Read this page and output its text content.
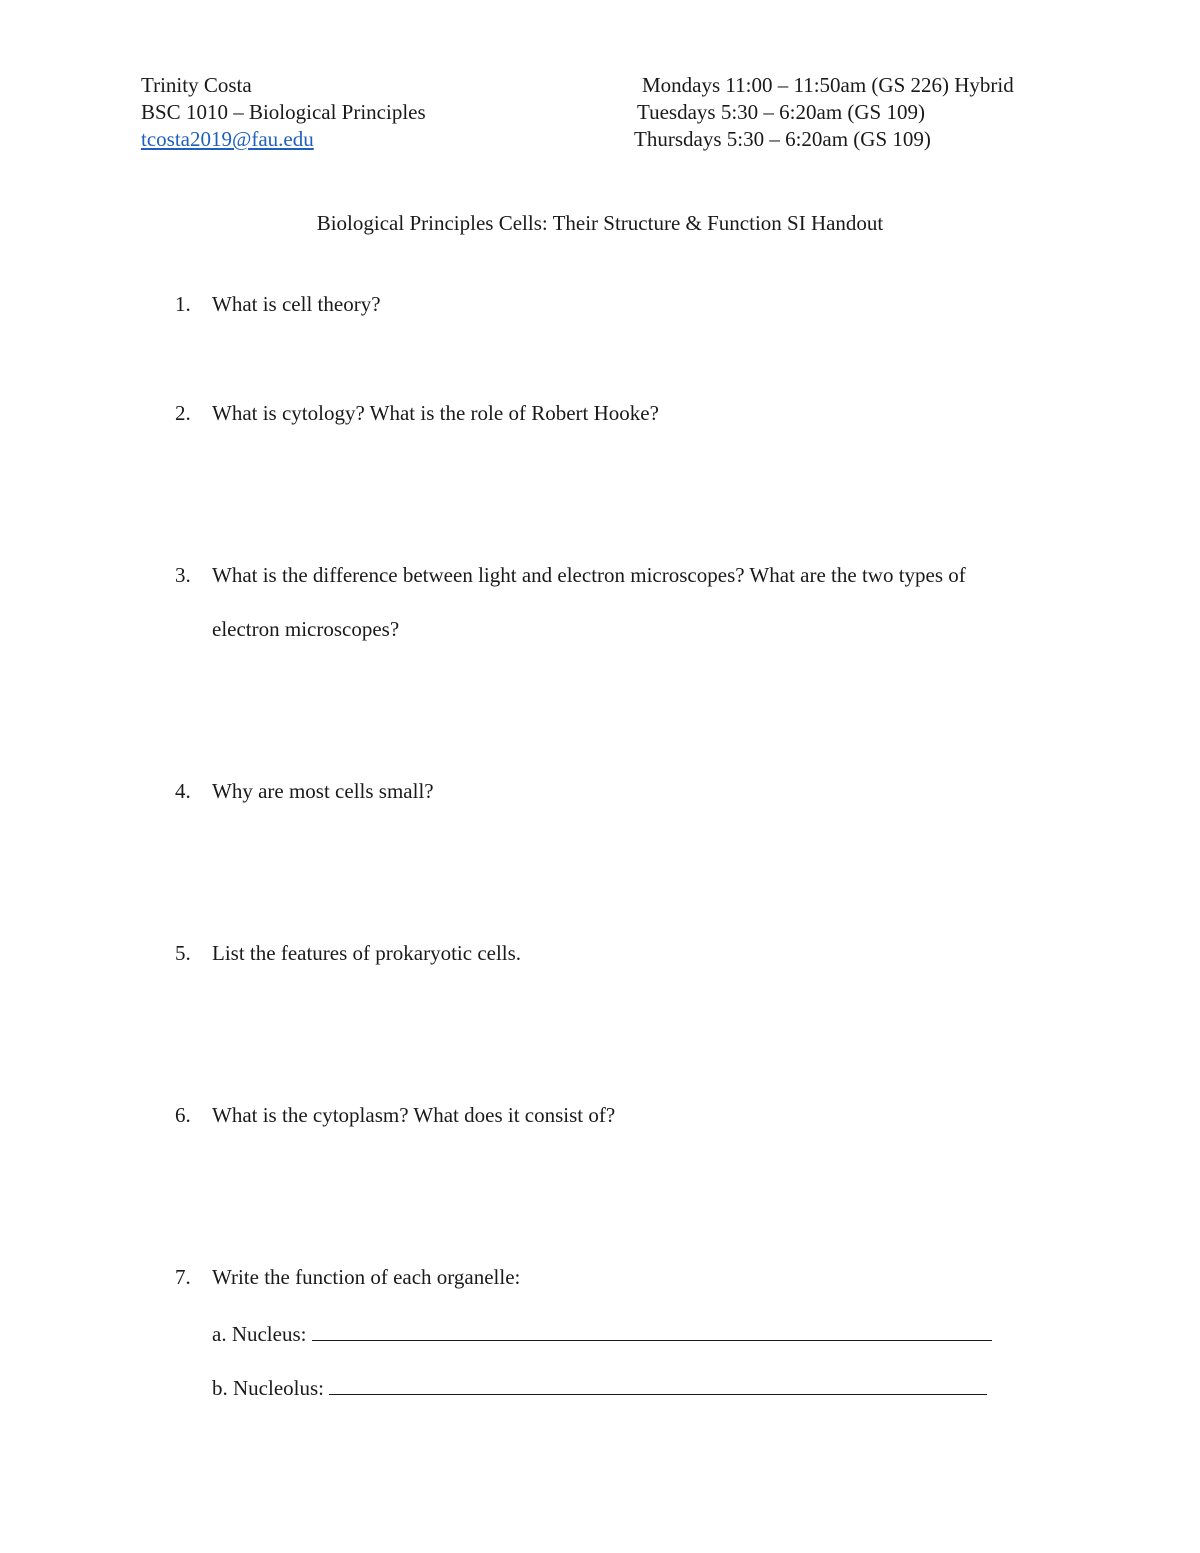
Trinity Costa
BSC 1010 – Biological Principles
tcosta2019@fau.edu
Mondays 11:00 – 11:50am (GS 226) Hybrid
Tuesdays 5:30 – 6:20am (GS 109)
Thursdays 5:30 – 6:20am (GS 109)
Biological Principles Cells: Their Structure & Function SI Handout
1. What is cell theory?
2. What is cytology? What is the role of Robert Hooke?
3. What is the difference between light and electron microscopes? What are the two types of
electron microscopes?
4. Why are most cells small?
5. List the features of prokaryotic cells.
6. What is the cytoplasm? What does it consist of?
7. Write the function of each organelle:
a. Nucleus:
b. Nucleolus:
